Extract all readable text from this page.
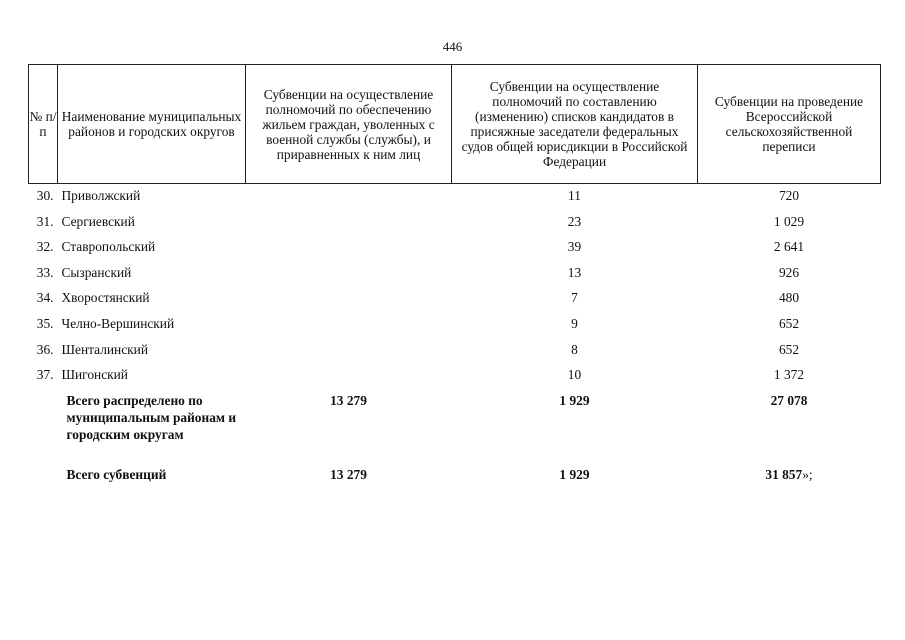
446
№ п/п	Наименование муниципальных районов и городских округов	Субвенции на осуществление полномочий по обеспечению жильем граждан, уволенных с военной службы (службы), и приравненных к ним лиц	Субвенции на осуществление полномочий по составлению (изменению) списков кандидатов в присяжные заседатели федеральных судов общей юрисдикции в Российской Федерации	Субвенции на проведение Всероссийской сельскохозяйственной переписи
30.	Приволжский		11	720
31.	Сергиевский		23	1 029
32.	Ставропольский		39	2 641
33.	Сызранский		13	926
34.	Хворостянский		7	480
35.	Челно-Вершинский		9	652
36.	Шенталинский		8	652
37.	Шигонский		10	1 372
	Всего распределено по муниципальным районам и городским округам	13 279	1 929	27 078
	Всего субвенций	13 279	1 929	31 857»;
